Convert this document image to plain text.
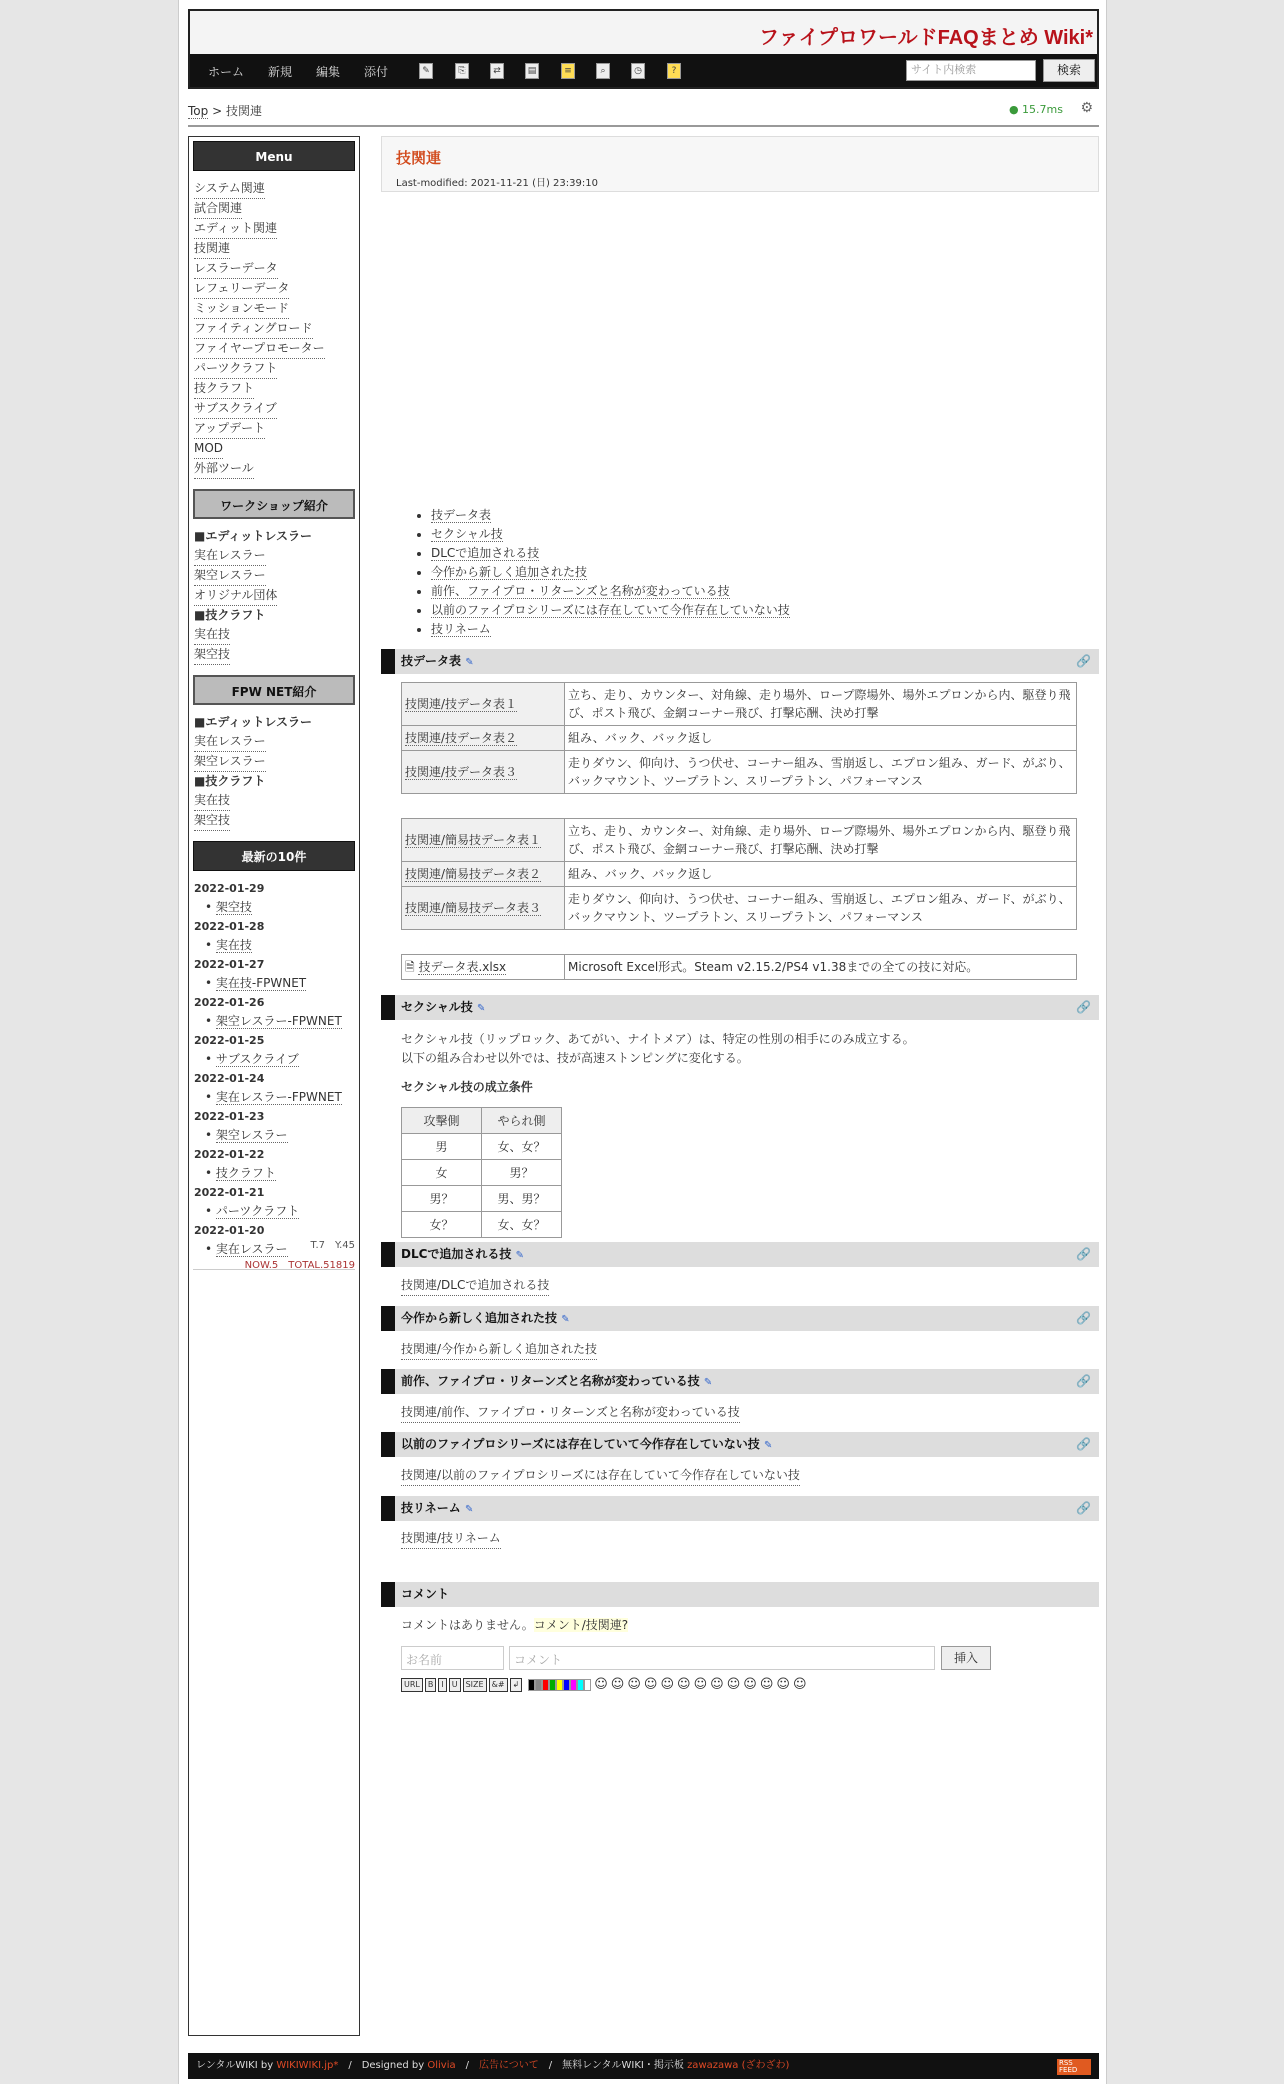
ファイプロワールドFAQまとめ Wiki*
ホーム 新規 編集 添付	✎	⎘	⇄	▤	≡	⌕	◷	?	サイト内検索	検索
Top > 技関連	● 15.7ms ⚙
Menu
システム関連
試合関連
エディット関連
技関連
レスラーデータ
レフェリーデータ
ミッションモード
ファイティングロード
ファイヤープロモーター
パーツクラフト
技クラフト
サブスクライブ
アップデート
MOD
外部ツール
ワークショップ紹介
■エディットレスラー
実在レスラー
架空レスラー
オリジナル団体
■技クラフト
実在技
架空技
FPW NET紹介
■エディットレスラー
実在レスラー
架空レスラー
■技クラフト
実在技
架空技
最新の10件
2022-01-29
• 架空技
2022-01-28
• 実在技
2022-01-27
• 実在技-FPWNET
2022-01-26
• 架空レスラー-FPWNET
2022-01-25
• サブスクライブ
2022-01-24
• 実在レスラー-FPWNET
2022-01-23
• 架空レスラー
2022-01-22
• 技クラフト
2022-01-21
• パーツクラフト
2022-01-20
• 実在レスラー	T.7　Y.45
NOW.5　TOTAL.51819
技関連
Last-modified: 2021-11-21 (日) 23:39:10
• 技データ表
• セクシャル技
• DLCで追加される技
• 今作から新しく追加された技
• 前作、ファイプロ・リターンズと名称が変わっている技
• 以前のファイプロシリーズには存在していて今作存在していない技
• 技リネーム
技データ表 ✎	🔗
技関連/技データ表１	立ち、走り、カウンター、対角線、走り場外、ロープ際場外、場外エプロンから内、駆登り飛び、ポスト飛び、金網コーナー飛び、打撃応酬、決め打撃
技関連/技データ表２	組み、バック、バック返し
技関連/技データ表３	走りダウン、仰向け、うつ伏せ、コーナー組み、雪崩返し、エプロン組み、ガード、がぶり、バックマウント、ツープラトン、スリープラトン、パフォーマンス
技関連/簡易技データ表１	立ち、走り、カウンター、対角線、走り場外、ロープ際場外、場外エプロンから内、駆登り飛び、ポスト飛び、金網コーナー飛び、打撃応酬、決め打撃
技関連/簡易技データ表２	組み、バック、バック返し
技関連/簡易技データ表３	走りダウン、仰向け、うつ伏せ、コーナー組み、雪崩返し、エプロン組み、ガード、がぶり、バックマウント、ツープラトン、スリープラトン、パフォーマンス
🗎 技データ表.xlsx	Microsoft Excel形式。Steam v2.15.2/PS4 v1.38までの全ての技に対応。
セクシャル技 ✎	🔗
セクシャル技（リップロック、あてがい、ナイトメア）は、特定の性別の相手にのみ成立する。
以下の組み合わせ以外では、技が高速ストンピングに変化する。
セクシャル技の成立条件
攻撃側	やられ側
男	女、女？
女	男？
男？	男、男？
女？	女、女？
DLCで追加される技 ✎	🔗
技関連/DLCで追加される技
今作から新しく追加された技 ✎	🔗
技関連/今作から新しく追加された技
前作、ファイプロ・リターンズと名称が変わっている技 ✎	🔗
技関連/前作、ファイプロ・リターンズと名称が変わっている技
以前のファイプロシリーズには存在していて今作存在していない技 ✎	🔗
技関連/以前のファイプロシリーズには存在していて今作存在していない技
技リネーム ✎	🔗
技関連/技リネーム
コメント
コメントはありません。コメント/技関連?
お名前	コメント	挿入
URL	B	I	U	SIZE	&#	↲	☺ ☺ ☺ ☺ ☺ ☺ ☺ ☺ ☺ ☺ ☺ ☺ ☺
レンタルWIKI by WIKIWIKI.jp*　/　Designed by Olivia　/　広告について　/　無料レンタルWIKI・掲示板 zawazawa (ざわざわ)	RSS FEED
